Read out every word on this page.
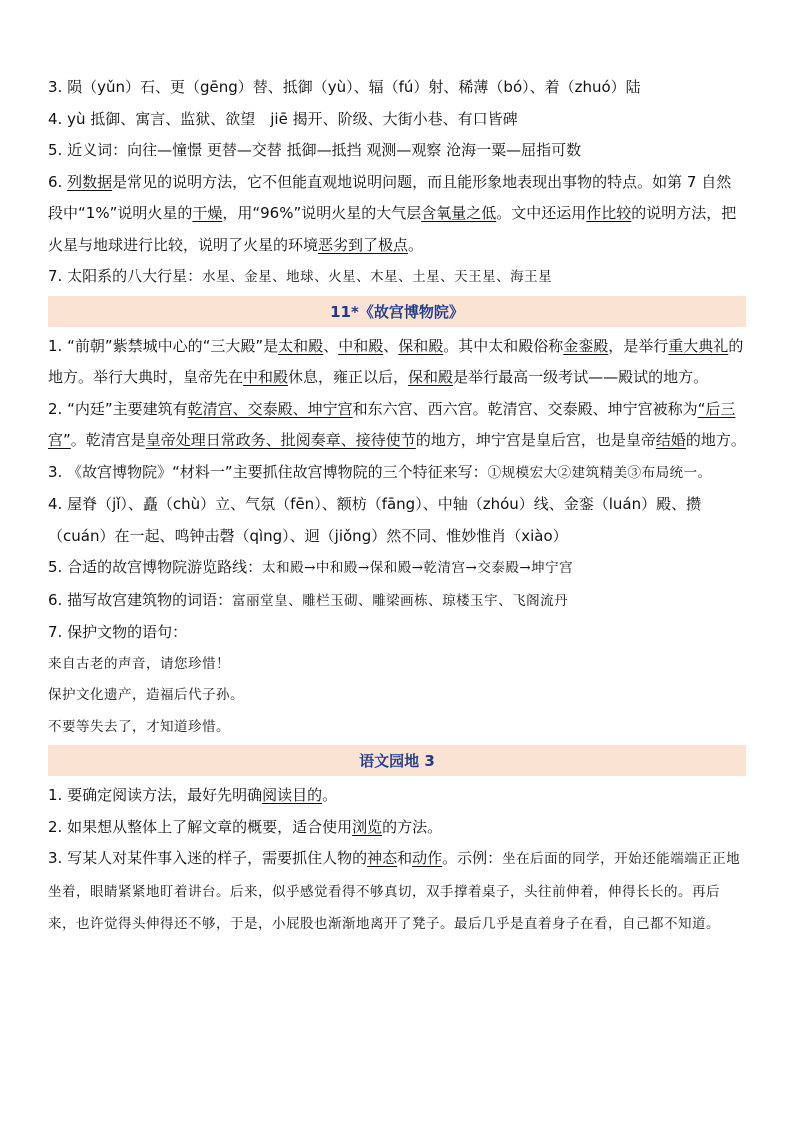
3. 陨（yǔn）石、更（gēng）替、抵御（yù）、辐（fú）射、稀薄（bó）、着（zhuó）陆

4. yù 抵御、寓言、监狱、欲望　jiē 揭开、阶级、大街小巷、有口皆碑

5. 近义词：向往—憧憬 更替—交替 抵御—抵挡 观测—观察 沧海一粟—屈指可数

6. 列数据是常见的说明方法，它不但能直观地说明问题，而且能形象地表现出事物的特点。如第 7 自然段中“1%”说明火星的干燥，用“96%”说明火星的大气层含氧量之低。文中还运用作比较的说明方法，把火星与地球进行比较，说明了火星的环境恶劣到了极点。

7. 太阳系的八大行星：水星、金星、地球、火星、木星、土星、天王星、海王星

11*《故宫博物院》

1. “前朝”紫禁城中心的“三大殿”是太和殿、中和殿、保和殿。其中太和殿俗称金銮殿，是举行重大典礼的地方。举行大典时，皇帝先在中和殿休息，雍正以后，保和殿是举行最高一级考试——殿试的地方。

2. “内廷”主要建筑有乾清宫、交泰殿、坤宁宫和东六宫、西六宫。乾清宫、交泰殿、坤宁宫被称为“后三宫”。乾清宫是皇帝处理日常政务、批阅奏章、接待使节的地方，坤宁宫是皇后宫，也是皇帝结婚的地方。

3. 《故宫博物院》“材料一”主要抓住故宫博物院的三个特征来写：①规模宏大②建筑精美③布局统一。

4. 屋脊（jǐ）、矗（chù）立、气氛（fēn）、额枋（fāng）、中轴（zhóu）线、金銮（luán）殿、攒（cuán）在一起、鸣钟击磬（qìng）、迥（jiǒng）然不同、惟妙惟肖（xiào）

5. 合适的故宫博物院游览路线：太和殿→中和殿→保和殿→乾清宫→交泰殿→坤宁宫

6. 描写故宫建筑物的词语：富丽堂皇、雕栏玉砌、雕梁画栋、琼楼玉宇、飞阁流丹

7. 保护文物的语句：

来自古老的声音，请您珍惜！

保护文化遗产，造福后代子孙。

不要等失去了，才知道珍惜。

语文园地 3

1. 要确定阅读方法，最好先明确阅读目的。

2. 如果想从整体上了解文章的概要，适合使用浏览的方法。

3. 写某人对某件事入迷的样子，需要抓住人物的神态和动作。示例：坐在后面的同学，开始还能端端正正地坐着，眼睛紧紧地盯着讲台。后来，似乎感觉看得不够真切，双手撑着桌子，头往前伸着，伸得长长的。再后来，也许觉得头伸得还不够，于是，小屁股也渐渐地离开了凳子。最后几乎是直着身子在看，自己都不知道。
